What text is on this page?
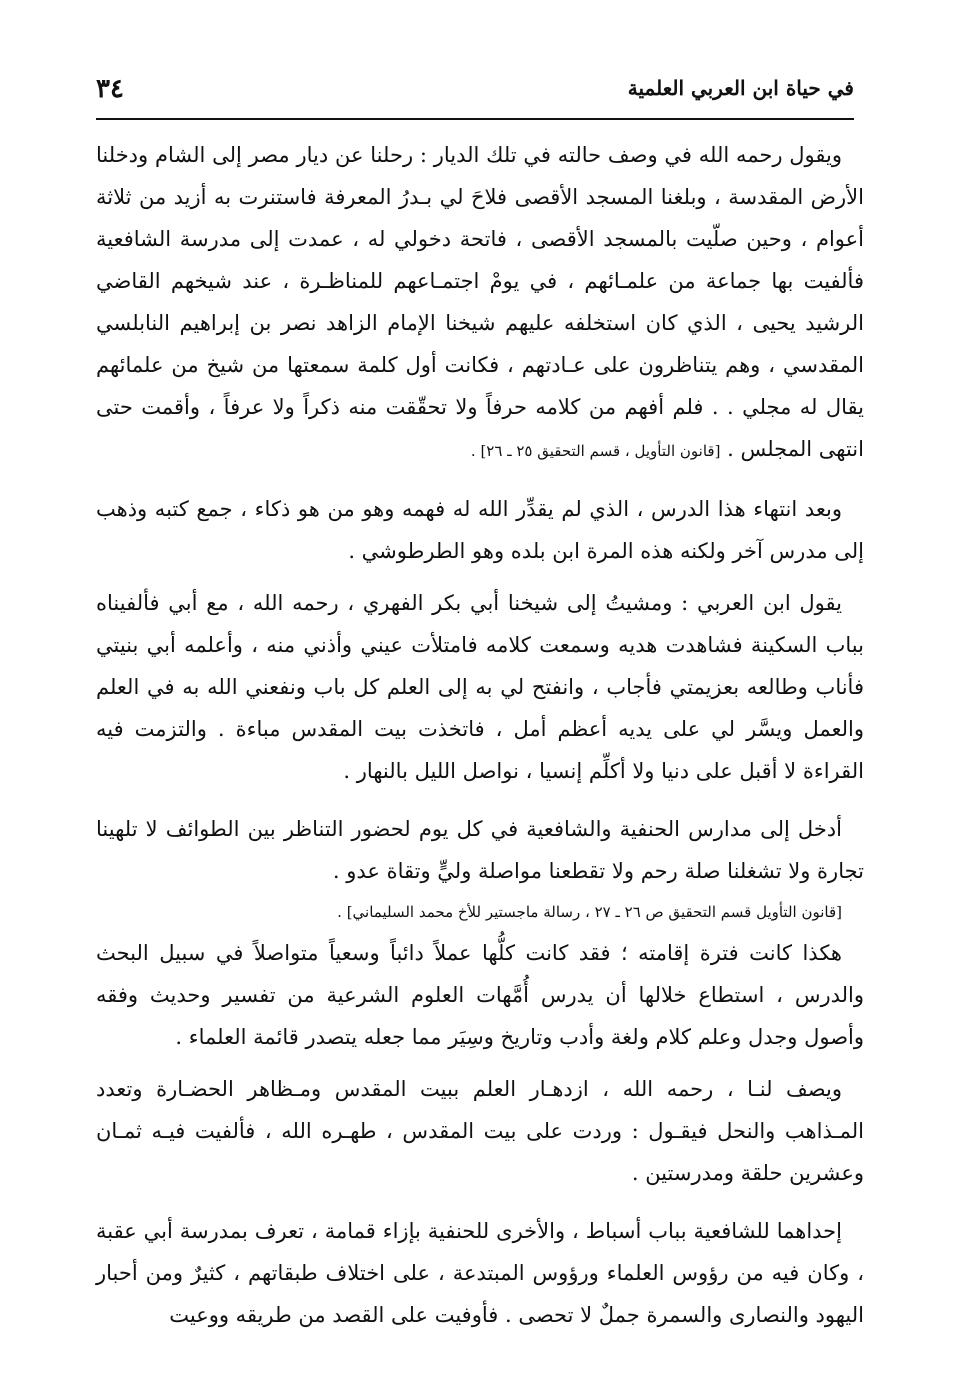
في حياة ابن العربي العلمية
٣٤

ويقول رحمه الله في وصف حالته في تلك الديار : رحلنا عن ديار مصر إلى الشام ودخلنا الأرض المقدسة ، وبلغنا المسجد الأقصى فلاحَ لي بـدرُ المعرفة فاستنرت به أزيد من ثلاثة أعوام ، وحين صلّيت بالمسجد الأقصى ، فاتحة دخولي له ، عمدت إلى مدرسة الشافعية فألفيت بها جماعة من علمـائهم ، في يومْ اجتمـاعهم للمناظـرة ، عند شيخهم القاضي الرشيد يحيى ، الذي كان استخلفه عليهم شيخنا الإمام الزاهد نصر بن إبراهيم النابلسي المقدسي ، وهم يتناظرون على عـادتهم ، فكانت أول كلمة سمعتها من شيخ من علمائهم يقال له مجلي . . فلم أفهم من كلامه حرفاً ولا تحقّقت منه ذكراً ولا عرفاً ، وأقمت حتى انتهى المجلس . [قانون التأويل ، قسم التحقيق ٢٥ ـ ٢٦] .

وبعد انتهاء هذا الدرس ، الذي لم يقدِّر الله له فهمه وهو من هو ذكاء ، جمع كتبه وذهب إلى مدرس آخر ولكنه هذه المرة ابن بلده وهو الطرطوشي .

يقول ابن العربي : ومشيتُ إلى شيخنا أبي بكر الفهري ، رحمه الله ، مع أبي فألفيناه بباب السكينة فشاهدت هديه وسمعت كلامه فامتلأت عيني وأذني منه ، وأعلمه أبي بنيتي فأناب وطالعه بعزيمتي فأجاب ، وانفتح لي به إلى العلم كل باب ونفعني الله به في العلم والعمل ويسَّر لي على يديه أعظم أمل ، فاتخذت بيت المقدس مباءة . والتزمت فيه القراءة لا أقبل على دنيا ولا أكلِّم إنسيا ، نواصل الليل بالنهار .

أدخل إلى مدارس الحنفية والشافعية في كل يوم لحضور التناظر بين الطوائف لا تلهينا تجارة ولا تشغلنا صلة رحم ولا تقطعنا مواصلة وليٍّ وتقاة عدو .

[قانون التأويل قسم التحقيق ص ٢٦ ـ ٢٧ ، رسالة ماجستير للأخ محمد السليماني] .

هكذا كانت فترة إقامته ؛ فقد كانت كلُّها عملاً دائباً وسعياً متواصلاً في سبيل البحث والدرس ، استطاع خلالها أن يدرس أُمَّهات العلوم الشرعية من تفسير وحديث وفقه وأصول وجدل وعلم كلام ولغة وأدب وتاريخ وسِيَر مما جعله يتصدر قائمة العلماء .

ويصف لنـا ، رحمه الله ، ازدهـار العلم ببيت المقدس ومـظاهر الحضـارة وتعدد المـذاهب والنحل فيقـول : وردت على بيت المقدس ، طهـره الله ، فألفيت فيـه ثمـان وعشرين حلقة ومدرستين .

إحداهما للشافعية بباب أسباط ، والأخرى للحنفية بإزاء قمامة ، تعرف بمدرسة أبي عقبة ، وكان فيه من رؤوس العلماء ورؤوس المبتدعة ، على اختلاف طبقاتهم ، كثيرٌ ومن أحبار اليهود والنصارى والسمرة جملٌ لا تحصى . فأوفيت على القصد من طريقه ووعيت
